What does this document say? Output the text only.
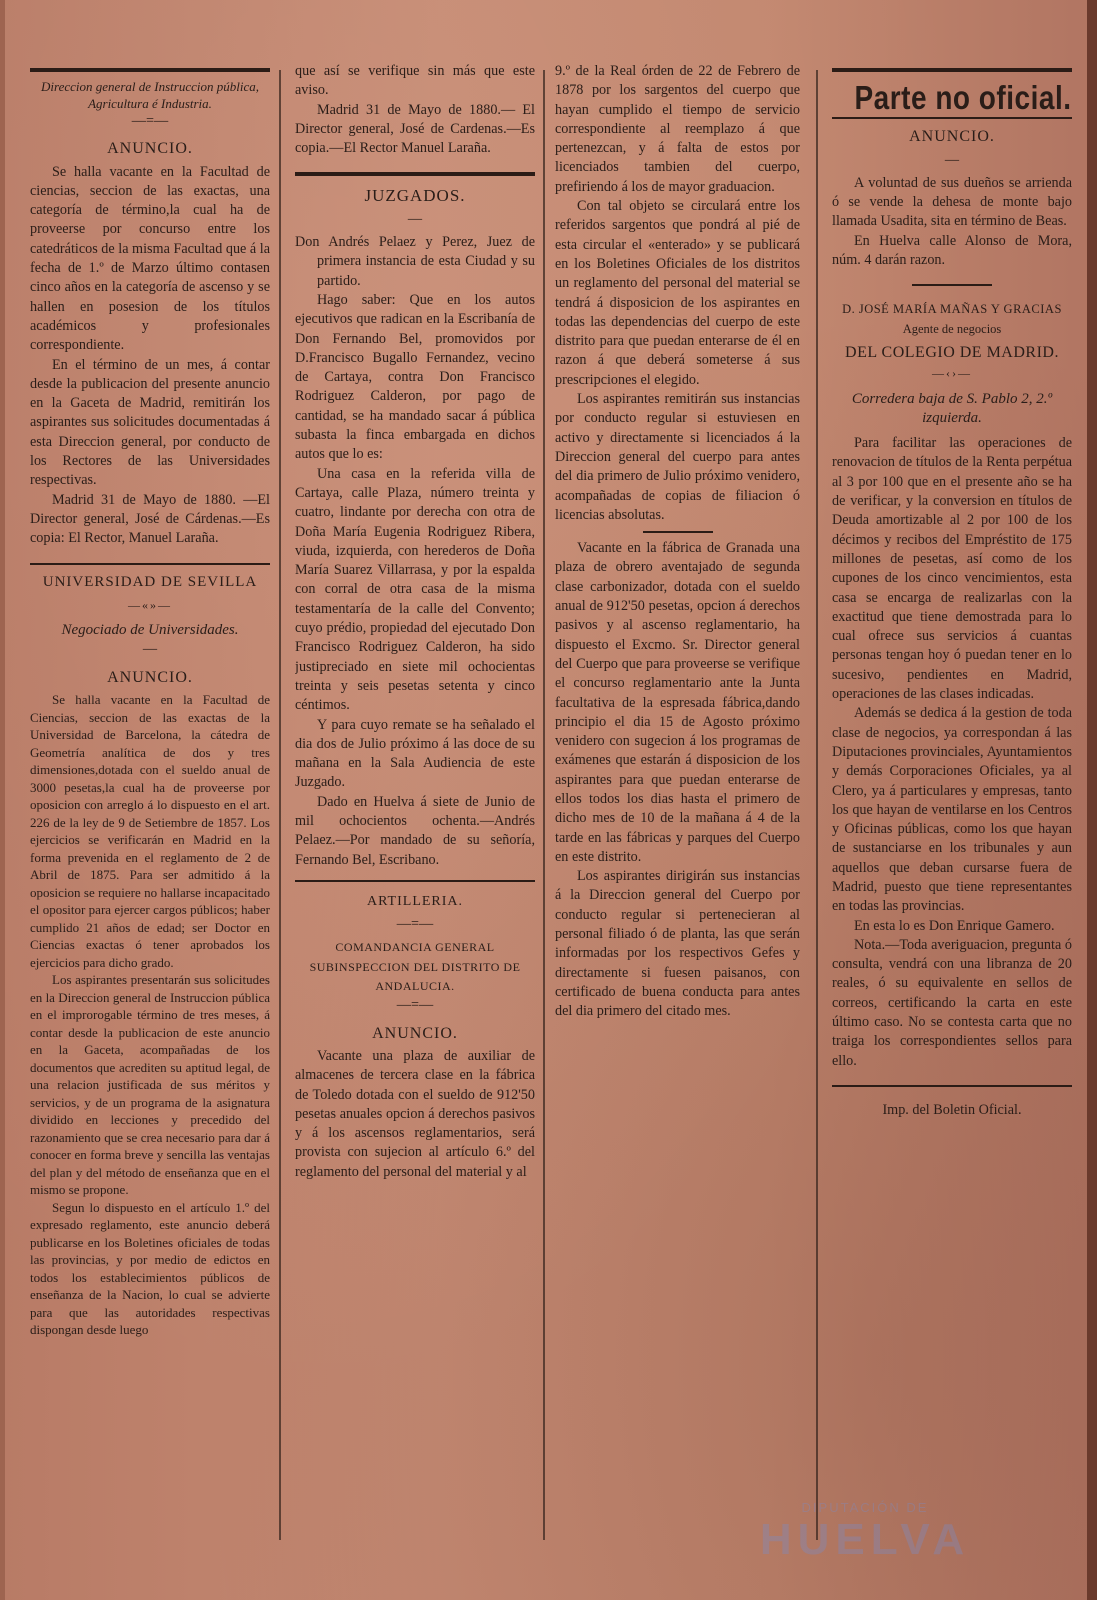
Direccion general de Instruccion pública, Agricultura é Industria.

—=—

ANUNCIO.

Se halla vacante en la Facultad de ciencias, seccion de las exactas, una categoría de término,la cual ha de proveerse por concurso entre los catedráticos de la misma Facultad que á la fecha de 1.º de Marzo último contasen cinco años en la categoría de ascenso y se hallen en posesion de los títulos académicos y profesionales correspondiente.

En el término de un mes, á contar desde la publicacion del presente anuncio en la Gaceta de Madrid, remitirán los aspirantes sus solicitudes documentadas á esta Direccion general, por conducto de los Rectores de las Universidades respectivas.

Madrid 31 de Mayo de 1880. —El Director general, José de Cárdenas.—Es copia: El Rector, Manuel Laraña.

UNIVERSIDAD DE SEVILLA

—«»—

Negociado de Universidades.

—

ANUNCIO.

Se halla vacante en la Facultad de Ciencias, seccion de las exactas de la Universidad de Barcelona, la cátedra de Geometría analítica de dos y tres dimensiones,dotada con el sueldo anual de 3000 pesetas,la cual ha de proveerse por oposicion con arreglo á lo dispuesto en el art. 226 de la ley de 9 de Setiembre de 1857. Los ejercicios se verificarán en Madrid en la forma prevenida en el reglamento de 2 de Abril de 1875. Para ser admitido á la oposicion se requiere no hallarse incapacitado el opositor para ejercer cargos públicos; haber cumplido 21 años de edad; ser Doctor en Ciencias exactas ó tener aprobados los ejercicios para dicho grado.

Los aspirantes presentarán sus solicitudes en la Direccion general de Instruccion pública en el improrogable término de tres meses, á contar desde la publicacion de este anuncio en la Gaceta, acompañadas de los documentos que acrediten su aptitud legal, de una relacion justificada de sus méritos y servicios, y de un programa de la asignatura dividido en lecciones y precedido del razonamiento que se crea necesario para dar á conocer en forma breve y sencilla las ventajas del plan y del método de enseñanza que en el mismo se propone.

Segun lo dispuesto en el artículo 1.º del expresado reglamento, este anuncio deberá publicarse en los Boletines oficiales de todas las provincias, y por medio de edictos en todos los establecimientos públicos de enseñanza de la Nacion, lo cual se advierte para que las autoridades respectivas dispongan desde luego

que así se verifique sin más que este aviso.

Madrid 31 de Mayo de 1880.— El Director general, José de Cardenas.—Es copia.—El Rector Manuel Laraña.

JUZGADOS.

—

Don Andrés Pelaez y Perez, Juez de primera instancia de esta Ciudad y su partido.

Hago saber: Que en los autos ejecutivos que radican en la Escribanía de Don Fernando Bel, promovidos por D.Francisco Bugallo Fernandez, vecino de Cartaya, contra Don Francisco Rodriguez Calderon, por pago de cantidad, se ha mandado sacar á pública subasta la finca embargada en dichos autos que lo es:

Una casa en la referida villa de Cartaya, calle Plaza, número treinta y cuatro, lindante por derecha con otra de Doña María Eugenia Rodriguez Ribera, viuda, izquierda, con herederos de Doña María Suarez Villarrasa, y por la espalda con corral de otra casa de la misma testamentaría de la calle del Convento; cuyo prédio, propiedad del ejecutado Don Francisco Rodriguez Calderon, ha sido justipreciado en siete mil ochocientas treinta y seis pesetas setenta y cinco céntimos.

Y para cuyo remate se ha señalado el dia dos de Julio próximo á las doce de su mañana en la Sala Audiencia de este Juzgado.

Dado en Huelva á siete de Junio de mil ochocientos ochenta.—Andrés Pelaez.—Por mandado de su señoría, Fernando Bel, Escribano.

ARTILLERIA.

—=—

COMANDANCIA GENERAL SUBINSPECCION DEL DISTRITO DE ANDALUCIA.

—=—

ANUNCIO.

Vacante una plaza de auxiliar de almacenes de tercera clase en la fábrica de Toledo dotada con el sueldo de 912'50 pesetas anuales opcion á derechos pasivos y á los ascensos reglamentarios, será provista con sujecion al artículo 6.º del reglamento del personal del material y al

9.º de la Real órden de 22 de Febrero de 1878 por los sargentos del cuerpo que hayan cumplido el tiempo de servicio correspondiente al reemplazo á que pertenezcan, y á falta de estos por licenciados tambien del cuerpo, prefiriendo á los de mayor graduacion.

Con tal objeto se circulará entre los referidos sargentos que pondrá al pié de esta circular el «enterado» y se publicará en los Boletines Oficiales de los distritos un reglamento del personal del material se tendrá á disposicion de los aspirantes en todas las dependencias del cuerpo de este distrito para que puedan enterarse de él en razon á que deberá someterse á sus prescripciones el elegido.

Los aspirantes remitirán sus instancias por conducto regular si estuviesen en activo y directamente si licenciados á la Direccion general del cuerpo para antes del dia primero de Julio próximo venidero, acompañadas de copias de filiacion ó licencias absolutas.

Vacante en la fábrica de Granada una plaza de obrero aventajado de segunda clase carbonizador, dotada con el sueldo anual de 912'50 pesetas, opcion á derechos pasivos y al ascenso reglamentario, ha dispuesto el Excmo. Sr. Director general del Cuerpo que para proveerse se verifique el concurso reglamentario ante la Junta facultativa de la espresada fábrica,dando principio el dia 15 de Agosto próximo venidero con sugecion á los programas de exámenes que estarán á disposicion de los aspirantes para que puedan enterarse de ellos todos los dias hasta el primero de dicho mes de 10 de la mañana á 4 de la tarde en las fábricas y parques del Cuerpo en este distrito.

Los aspirantes dirigirán sus instancias á la Direccion general del Cuerpo por conducto regular si pertenecieran al personal filiado ó de planta, las que serán informadas por los respectivos Gefes y directamente si fuesen paisanos, con certificado de buena conducta para antes del dia primero del citado mes.

Parte no oficial.

ANUNCIO.

—

A voluntad de sus dueños se arrienda ó se vende la dehesa de monte bajo llamada Usadita, sita en término de Beas.

En Huelva calle Alonso de Mora, núm. 4 darán razon.

D. JOSÉ MARÍA MAÑAS Y GRACIAS

Agente de negocios

DEL COLEGIO DE MADRID.

—‹›—

Corredera baja de S. Pablo 2, 2.º izquierda.

Para facilitar las operaciones de renovacion de títulos de la Renta perpétua al 3 por 100 que en el presente año se ha de verificar, y la conversion en títulos de Deuda amortizable al 2 por 100 de los décimos y recibos del Empréstito de 175 millones de pesetas, así como de los cupones de los cinco vencimientos, esta casa se encarga de realizarlas con la exactitud que tiene demostrada para lo cual ofrece sus servicios á cuantas personas tengan hoy ó puedan tener en lo sucesivo, pendientes en Madrid, operaciones de las clases indicadas.

Además se dedica á la gestion de toda clase de negocios, ya correspondan á las Diputaciones provinciales, Ayuntamientos y demás Corporaciones Oficiales, ya al Clero, ya á particulares y empresas, tanto los que hayan de ventilarse en los Centros y Oficinas públicas, como los que hayan de sustanciarse en los tribunales y aun aquellos que deban cursarse fuera de Madrid, puesto que tiene representantes en todas las provincias.

En esta lo es Don Enrique Gamero.

Nota.—Toda averiguacion, pregunta ó consulta, vendrá con una libranza de 20 reales, ó su equivalente en sellos de correos, certificando la carta en este último caso. No se contesta carta que no traiga los correspondientes sellos para ello.

Imp. del Boletin Oficial.

DIPUTACIÓN DE
HUELVA
